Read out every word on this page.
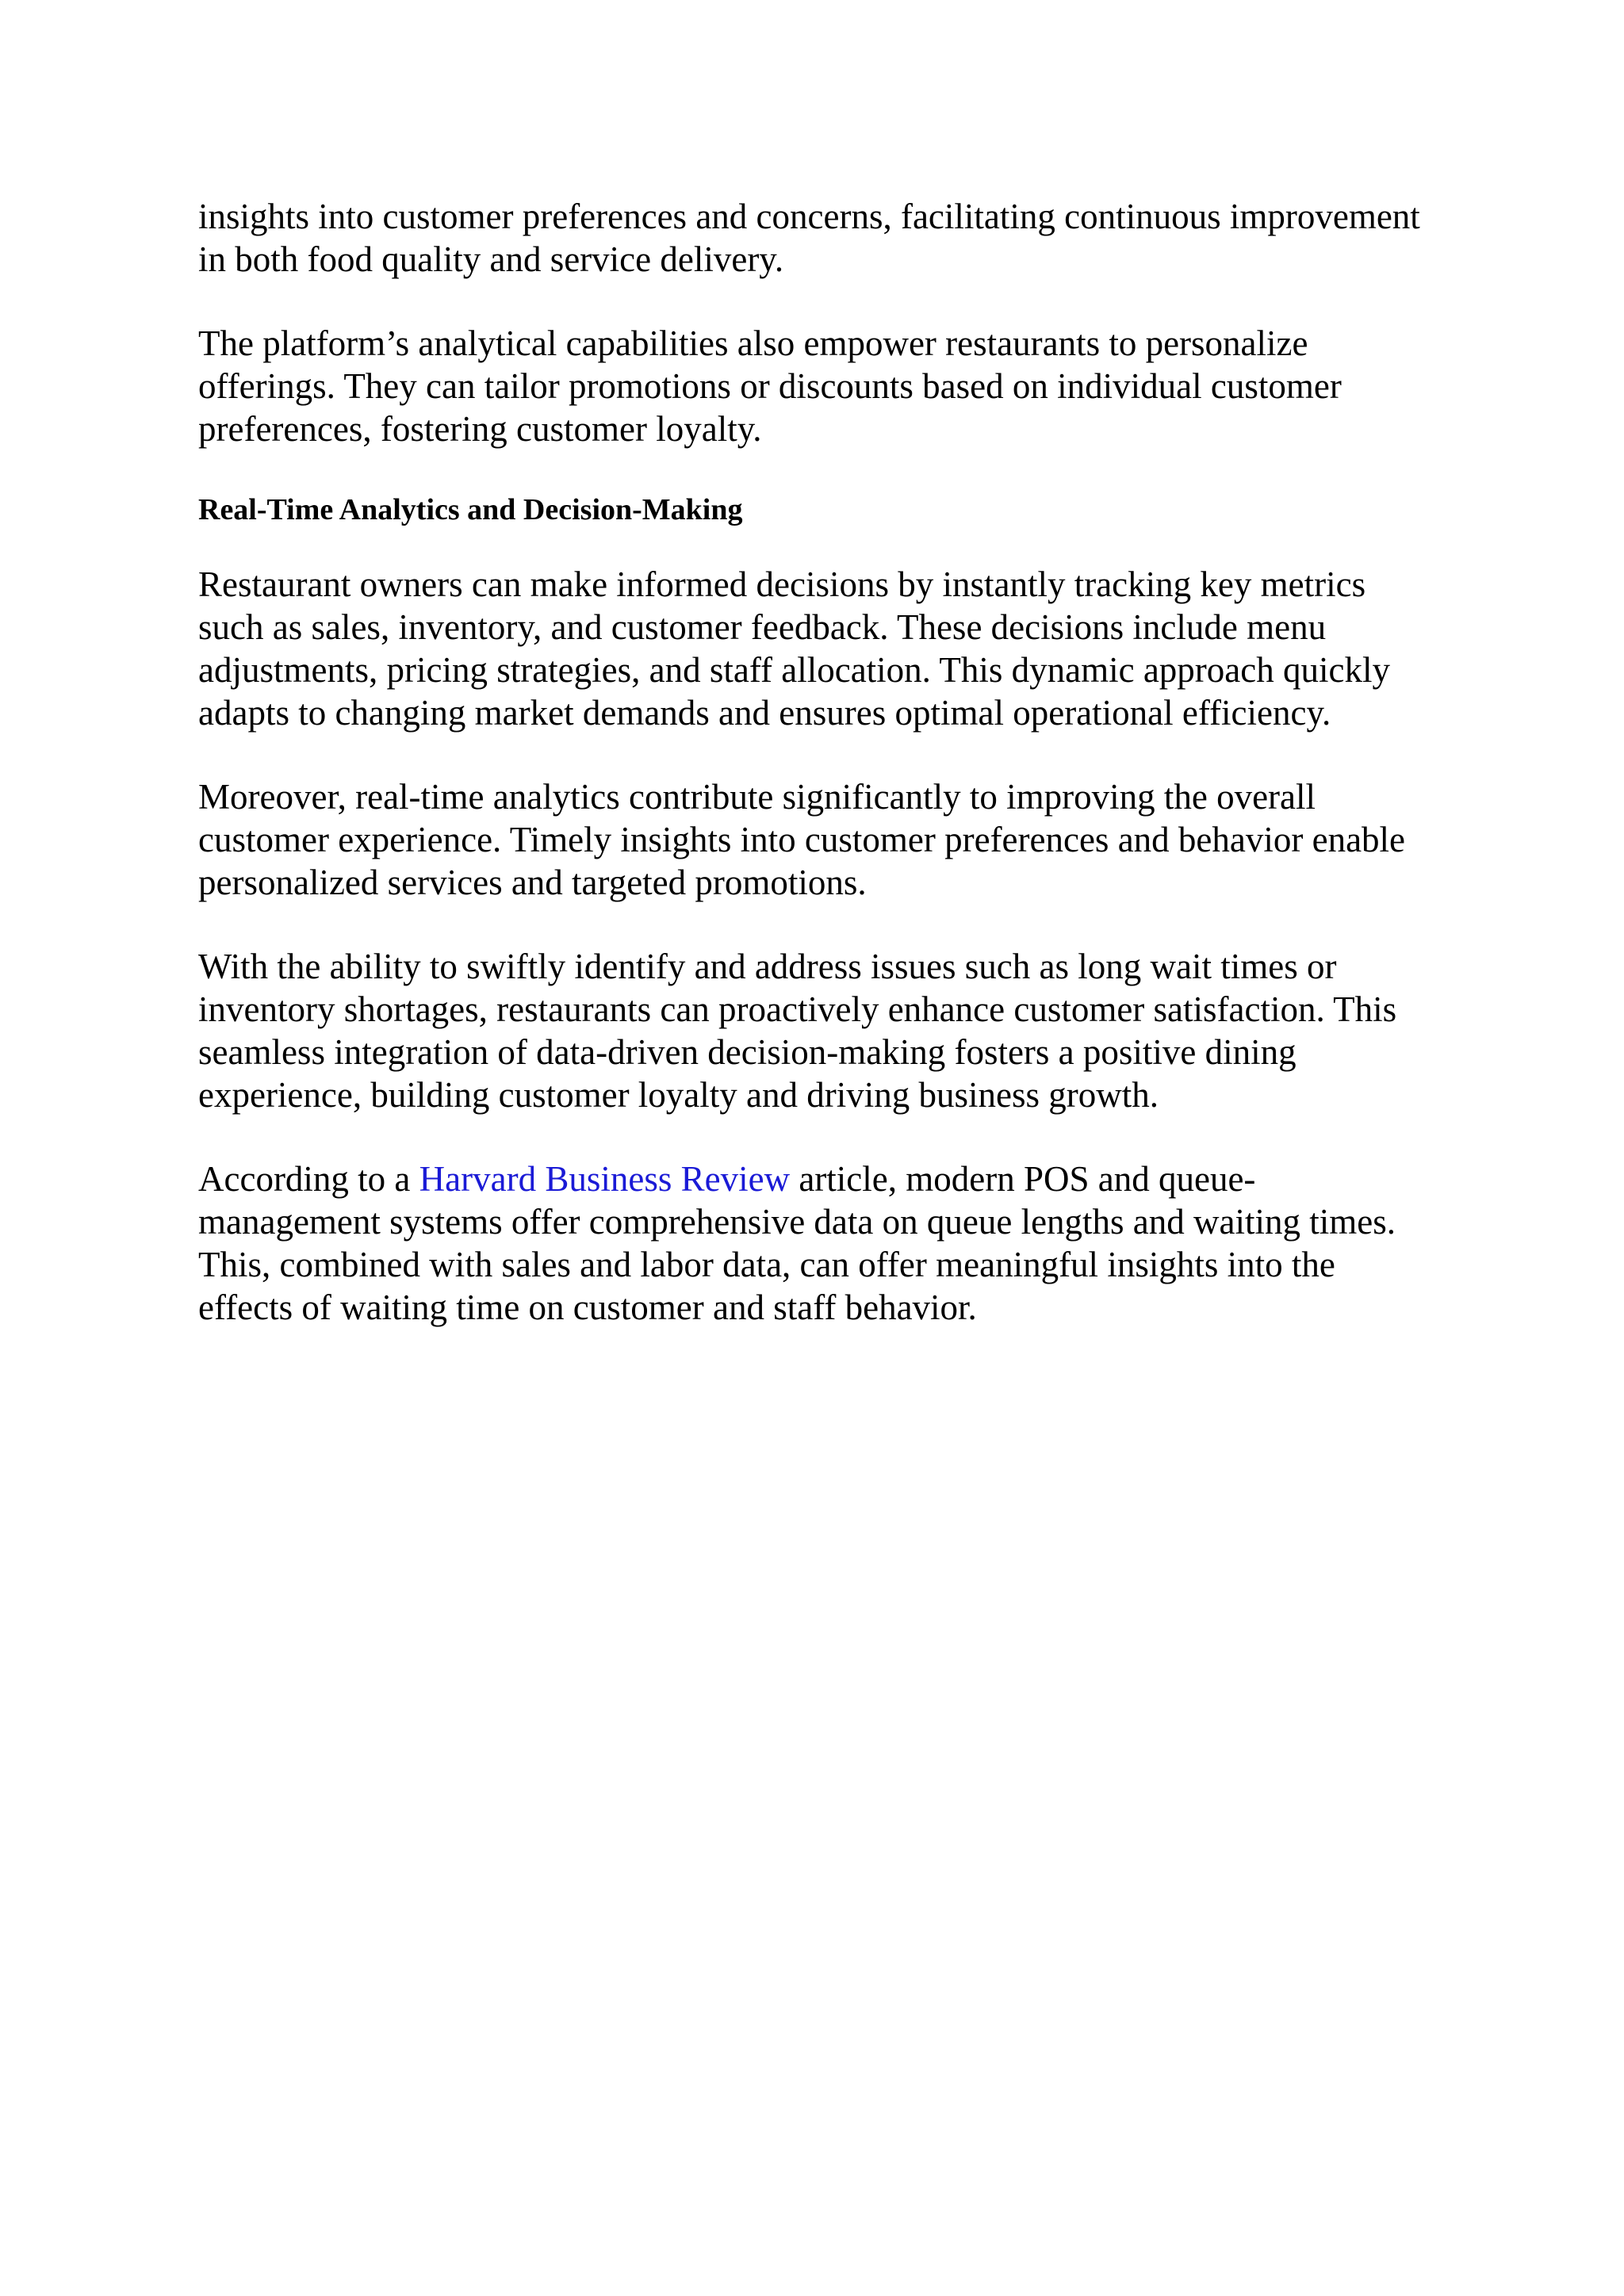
insights into customer preferences and concerns, facilitating continuous improvement in both food quality and service delivery.

The platform’s analytical capabilities also empower restaurants to personalize offerings. They can tailor promotions or discounts based on individual customer preferences, fostering customer loyalty.

Real-Time Analytics and Decision-Making

Restaurant owners can make informed decisions by instantly tracking key metrics such as sales, inventory, and customer feedback. These decisions include menu adjustments, pricing strategies, and staff allocation. This dynamic approach quickly adapts to changing market demands and ensures optimal operational efficiency.

Moreover, real-time analytics contribute significantly to improving the overall customer experience. Timely insights into customer preferences and behavior enable personalized services and targeted promotions.

With the ability to swiftly identify and address issues such as long wait times or inventory shortages, restaurants can proactively enhance customer satisfaction. This seamless integration of data-driven decision-making fosters a positive dining experience, building customer loyalty and driving business growth.

According to a Harvard Business Review article, modern POS and queue-management systems offer comprehensive data on queue lengths and waiting times. This, combined with sales and labor data, can offer meaningful insights into the effects of waiting time on customer and staff behavior.
